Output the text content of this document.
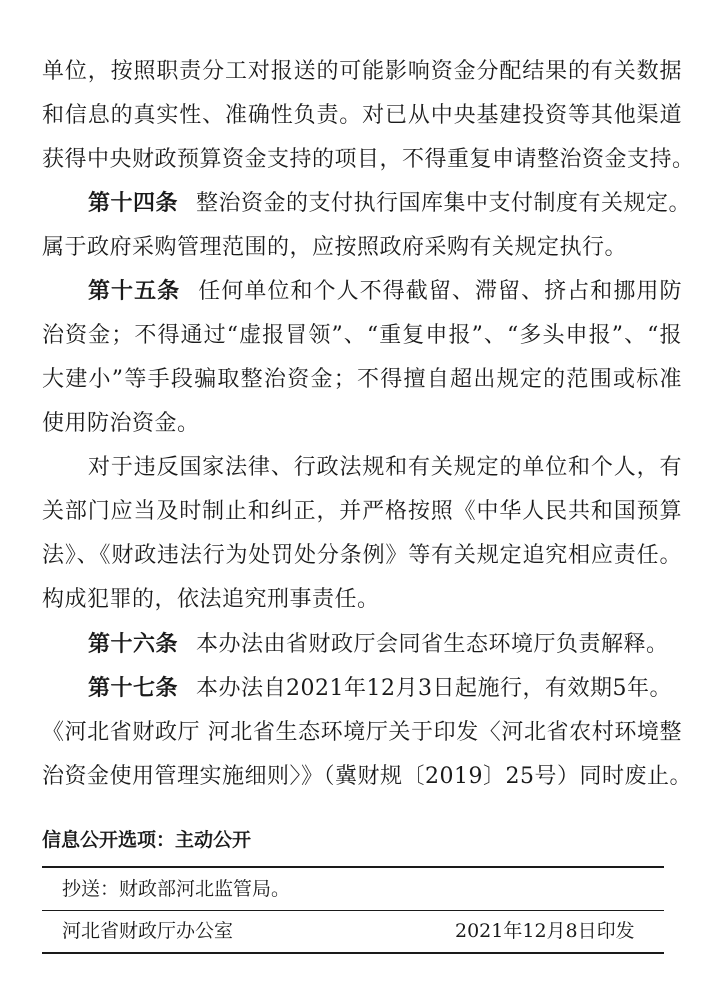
单位，按照职责分工对报送的可能影响资金分配结果的有关数据
和信息的真实性、准确性负责。对已从中央基建投资等其他渠道
获得中央财政预算资金支持的项目，不得重复申请整治资金支持。
第十四条 整治资金的支付执行国库集中支付制度有关规定。
属于政府采购管理范围的，应按照政府采购有关规定执行。
第十五条 任何单位和个人不得截留、滞留、挤占和挪用防
治资金；不得通过“虚报冒领”、“重复申报”、“多头申报”、“报
大建小”等手段骗取整治资金；不得擅自超出规定的范围或标准
使用防治资金。
对于违反国家法律、行政法规和有关规定的单位和个人，有
关部门应当及时制止和纠正，并严格按照《中华人民共和国预算
法》、《财政违法行为处罚处分条例》等有关规定追究相应责任。
构成犯罪的，依法追究刑事责任。
第十六条 本办法由省财政厅会同省生态环境厅负责解释。
第十七条 本办法自2021年12月3日起施行，有效期5年。
《河北省财政厅 河北省生态环境厅关于印发〈河北省农村环境整
治资金使用管理实施细则〉》（冀财规〔2019〕25号）同时废止。
信息公开选项：主动公开
抄送：财政部河北监管局。
河北省财政厅办公室	2021年12月8日印发
